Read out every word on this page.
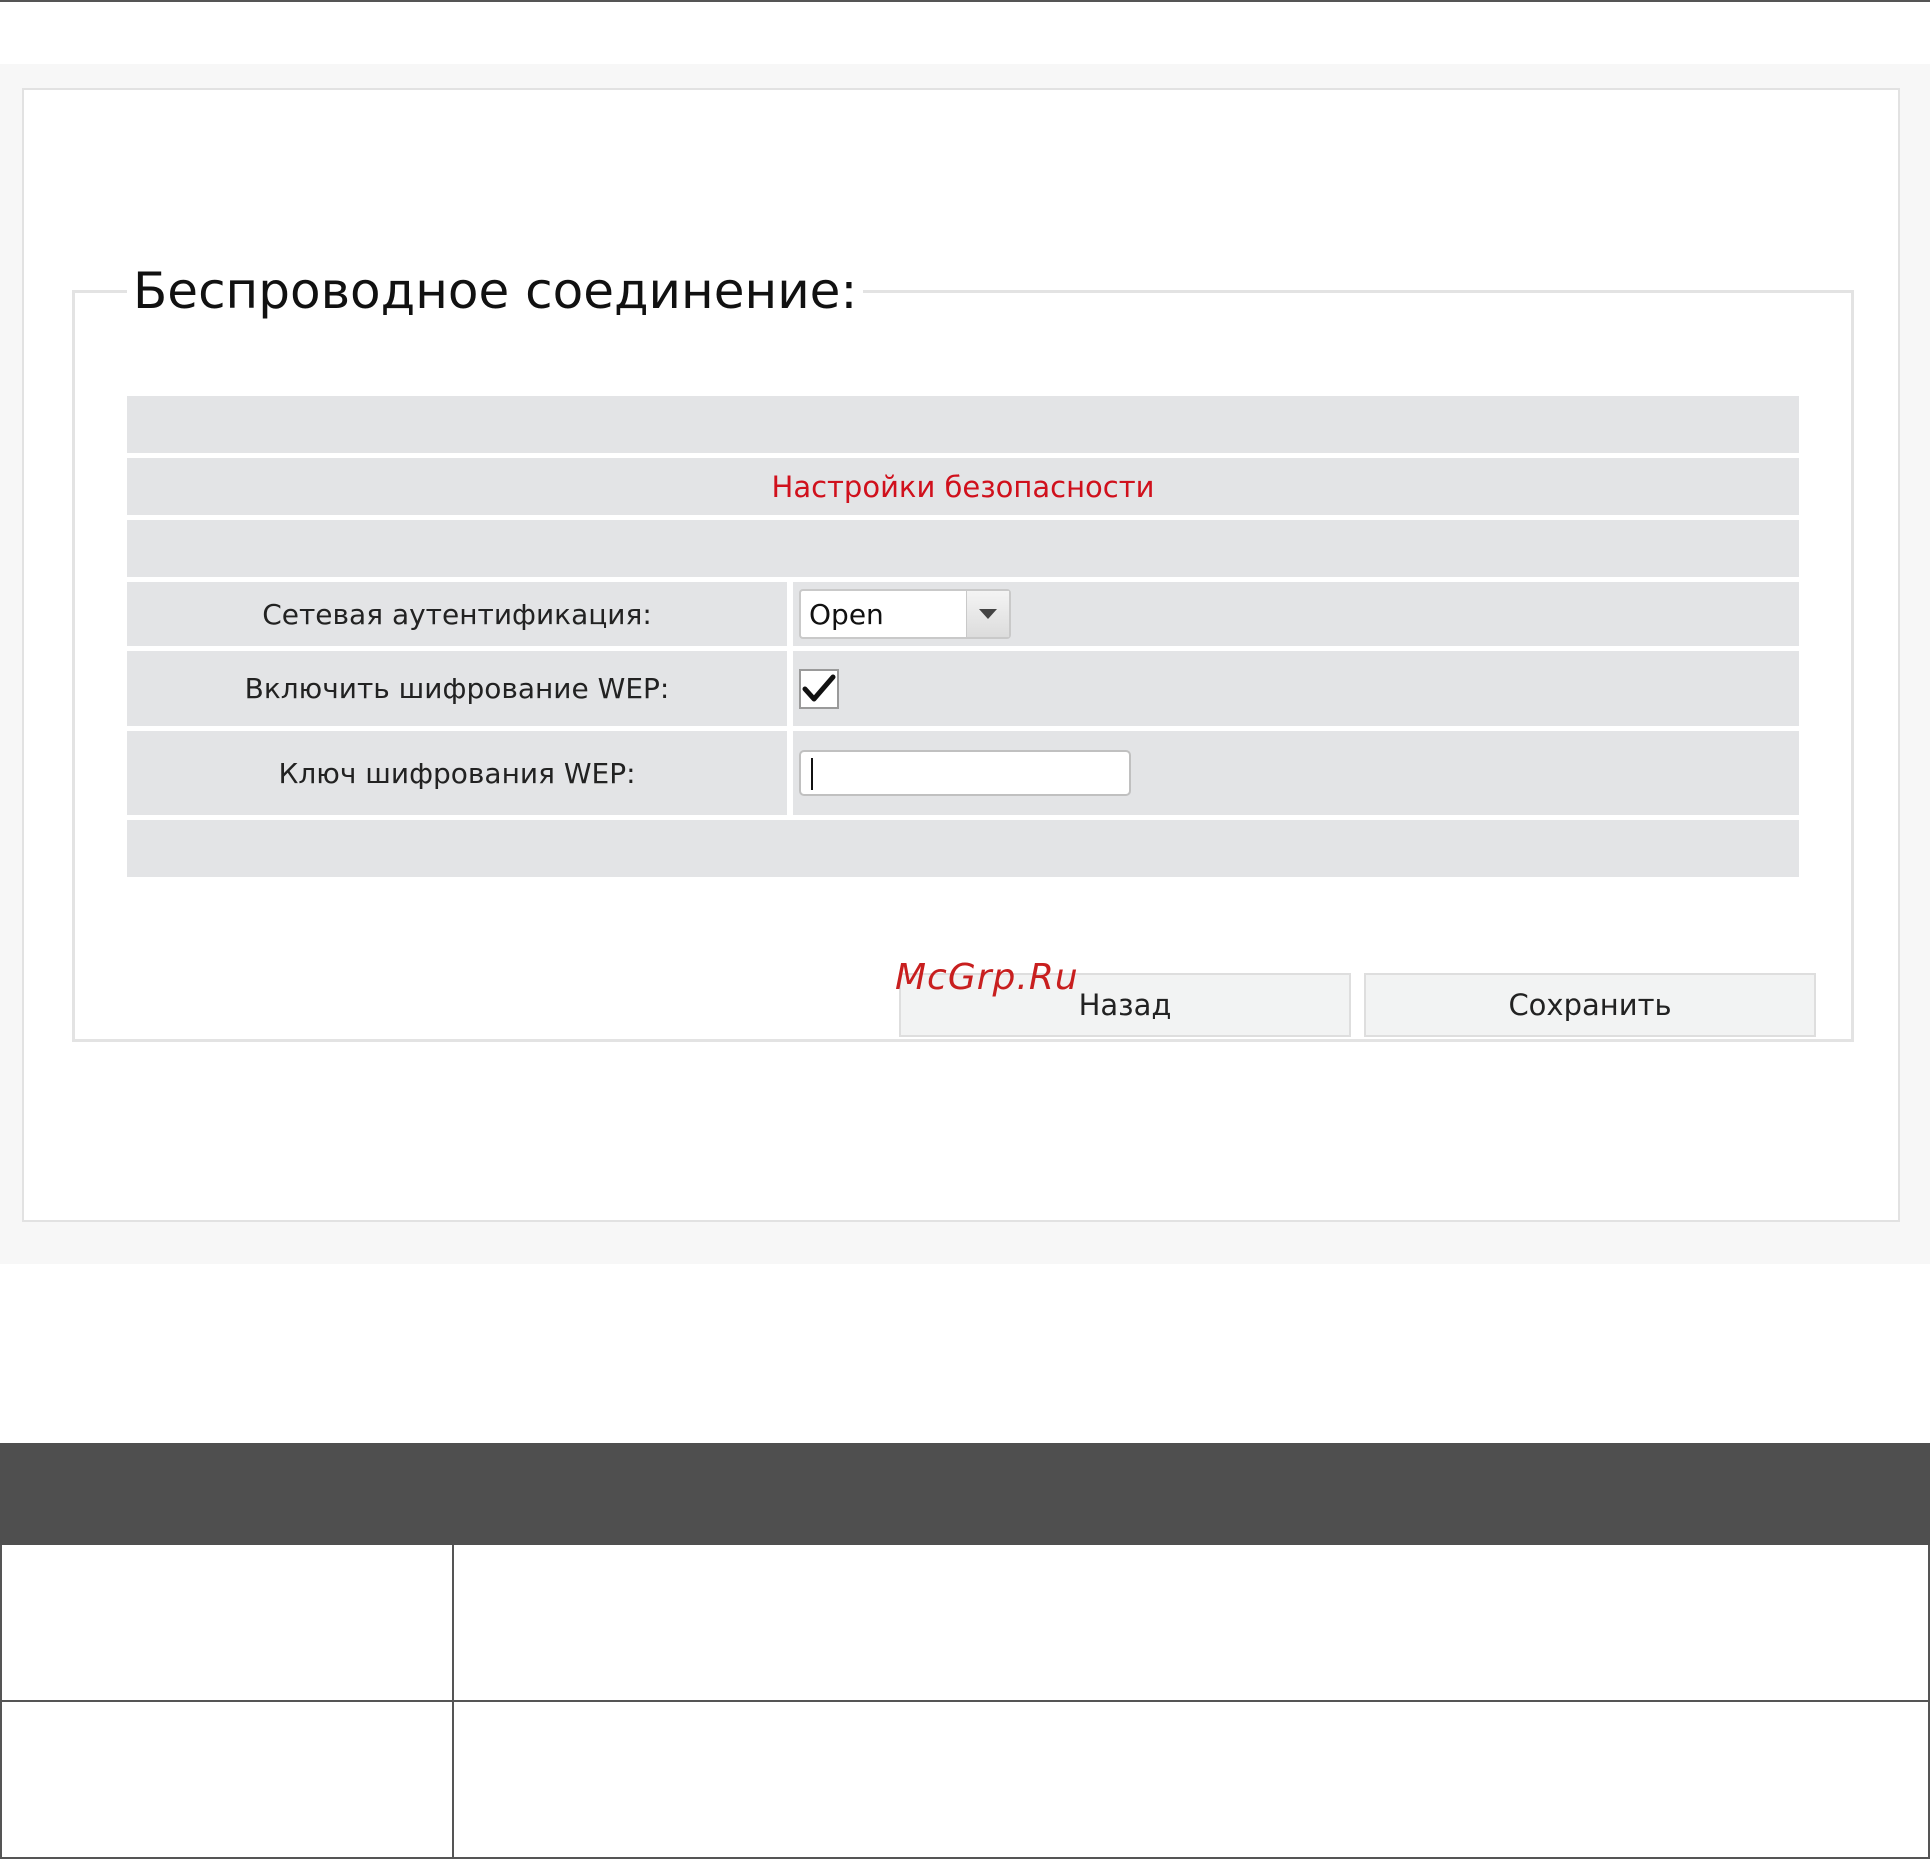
Беспроводное соединение:
Настройки безопасности
Сетевая аутентификация:	Open
Включить шифрование WEP:
Ключ шифрования WEP:
Назад	Сохранить
McGrp.Ru
